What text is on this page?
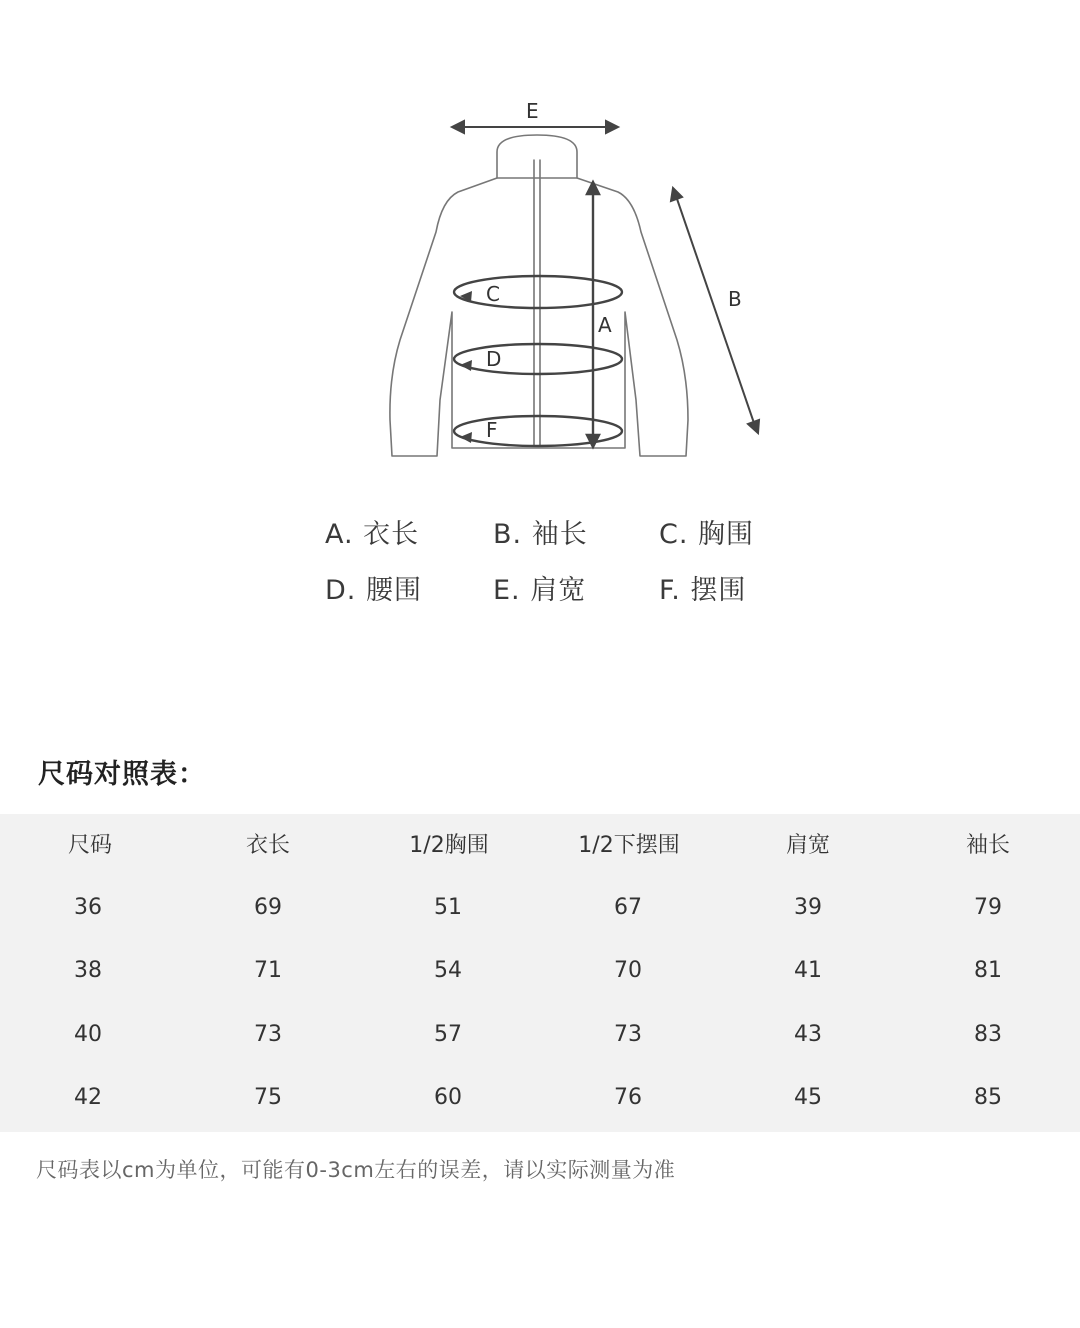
E
A
B
C
D
F
A. 衣长	B. 袖长	C. 胸围
D. 腰围	E. 肩宽	F. 摆围
尺码对照表：
尺码	衣长	1/2胸围	1/2下摆围	肩宽	袖长
36	69	51	67	39	79
38	71	54	70	41	81
40	73	57	73	43	83
42	75	60	76	45	85
尺码表以cm为单位，可能有0-3cm左右的误差，请以实际测量为准
